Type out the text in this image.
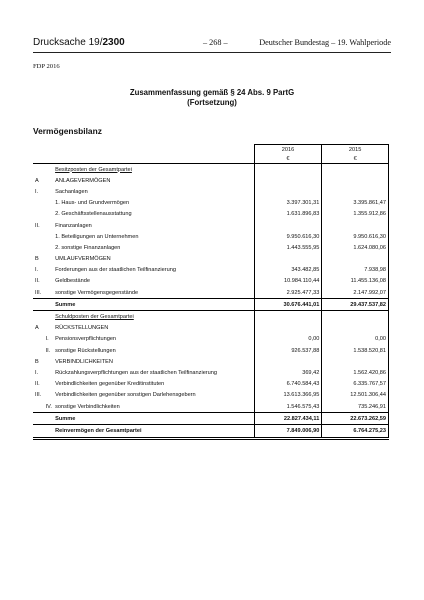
Drucksache 19/2300	– 268 –	Deutscher Bundestag – 19. Wahlperiode
FDP 2016
Zusammenfassung gemäß § 24 Abs. 9 PartG
(Fortsetzung)
Vermögensbilanz
			2016	2015
			€	€
		Besitzposten der Gesamtpartei		
A		ANLAGEVERMÖGEN		
I.		Sachanlagen		
		1. Haus- und Grundvermögen	3.397.301,31	3.395.861,47
		2. Geschäftsstellenausstattung	1.631.896,83	1.355.912,86
II.		Finanzanlagen		
		1. Beteiligungen an Unternehmen	9.950.616,30	9.950.616,30
		2. sonstige Finanzanlagen	1.443.555,95	1.624.080,06
B		UMLAUFVERMÖGEN		
I.		Forderungen aus der staatlichen Teilfinanzierung	343.482,85	7.938,98
II.		Geldbestände	10.984.110,44	11.455.136,08
III.		sonstige Vermögensgegenstände	2.925.477,33	2.147.992,07
		Summe	30.676.441,01	29.437.537,82
		Schuldposten der Gesamtpartei		
A		RÜCKSTELLUNGEN		
	I.	Pensionsverpflichtungen	0,00	0,00
	II.	sonstige Rückstellungen	926.537,88	1.538.520,81
B		VERBINDLICHKEITEN		
I.		Rückzahlungsverpflichtungen aus der staatlichen Teilfinanzierung	369,42	1.562.420,86
II.		Verbindlichkeiten gegenüber Kreditinstituten	6.740.584,43	6.335.767,57
III.		Verbindlichkeiten gegenüber sonstigen Darlehensgebern	13.613.366,95	12.501.306,44
	IV.	sonstige Verbindlichkeiten	1.546.575,43	735.246,91
		Summe	22.827.434,11	22.673.262,59
		Reinvermögen der Gesamtpartei	7.849.006,90	6.764.275,23
